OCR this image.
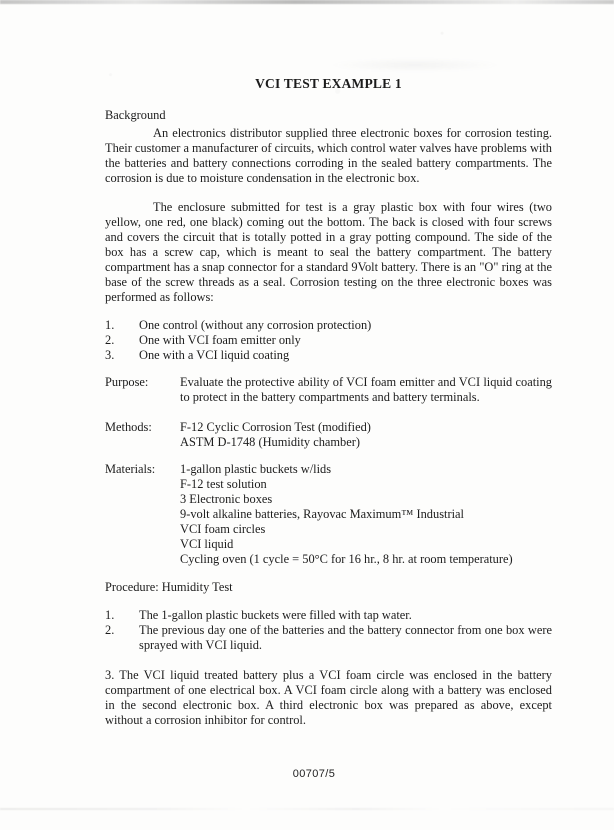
VCI TEST EXAMPLE 1
Background

An electronics distributor supplied three electronic boxes for corrosion testing. Their customer a manufacturer of circuits, which control water valves have problems with the batteries and battery connections corroding in the sealed battery compartments. The corrosion is due to moisture condensation in the electronic box.

The enclosure submitted for test is a gray plastic box with four wires (two yellow, one red, one black) coming out the bottom. The back is closed with four screws and covers the circuit that is totally potted in a gray potting compound. The side of the box has a screw cap, which is meant to seal the battery compartment. The battery compartment has a snap connector for a standard 9Volt battery. There is an "O" ring at the base of the screw threads as a seal. Corrosion testing on the three electronic boxes was performed as follows:

1.	One control (without any corrosion protection)
2.	One with VCI foam emitter only
3.	One with a VCI liquid coating
Purpose:	Evaluate the protective ability of VCI foam emitter and VCI liquid coating to protect in the battery compartments and battery terminals.
Methods:	F-12 Cyclic Corrosion Test (modified)
ASTM D-1748 (Humidity chamber)
Materials:	1-gallon plastic buckets w/lids
F-12 test solution
3 Electronic boxes
9-volt alkaline batteries, Rayovac Maximum™ Industrial
VCI foam circles
VCI liquid
Cycling oven (1 cycle = 50°C for 16 hr., 8 hr. at room temperature)
Procedure: Humidity Test
1.	The 1-gallon plastic buckets were filled with tap water.
2.	The previous day one of the batteries and the battery connector from one box were sprayed with VCI liquid.

3. The VCI liquid treated battery plus a VCI foam circle was enclosed in the battery compartment of one electrical box. A VCI foam circle along with a battery was enclosed in the second electronic box. A third electronic box was prepared as above, except without a corrosion inhibitor for control.

00707/5
